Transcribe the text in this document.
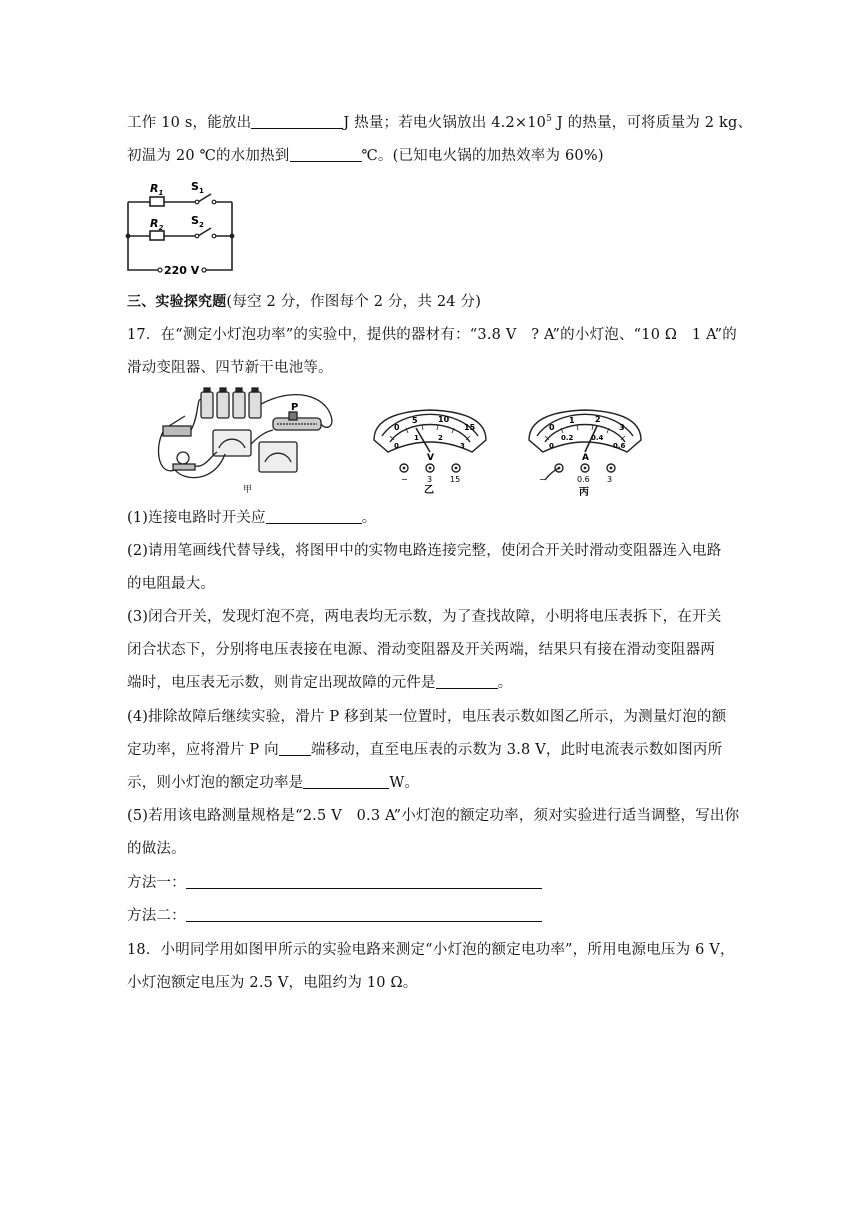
工作 10 s，能放出	J 热量；若电火锅放出 $4.2\times 10^5$ J 的热量，可将质量为 2 kg、
初温为 20 ℃的水加热到	℃。(已知电火锅的加热效率为 60%)
$R_1$	$S_1$
$R_2$
$S_2$
220 V
三、实验探究题(每空 2 分，作图每个 2 分，共 24 分)
17．在“测定小灯泡功率”的实验中，提供的器材有：“3.8 V　? A”的小灯泡、“10 Ω　1 A”的
滑动变阻器、四节新干电池等。
P
甲
0
5	10
15
0
1	2
3
V
− 3 15
乙
0
1	2
3
0
0.2	0.4
0.6
A
−	0.6 3
丙
(1)连接电路时开关应	。
(2)请用笔画线代替导线，将图甲中的实物电路连接完整，使闭合开关时滑动变阻器连入电路
的电阻最大。
(3)闭合开关，发现灯泡不亮，两电表均无示数，为了查找故障，小明将电压表拆下，在开关
闭合状态下，分别将电压表接在电源、滑动变阻器及开关两端，结果只有接在滑动变阻器两
端时，电压表无示数，则肯定出现故障的元件是	。
(4)排除故障后继续实验，滑片 P 移到某一位置时，电压表示数如图乙所示，为测量灯泡的额
定功率，应将滑片 P 向 端移动，直至电压表的示数为 3.8 V，此时电流表示数如图丙所
示，则小灯泡的额定功率是	W。
(5)若用该电路测量规格是“2.5 V　0.3 A”小灯泡的额定功率，须对实验进行适当调整，写出你
的做法。
方法一：
方法二：
18．小明同学用如图甲所示的实验电路来测定“小灯泡的额定电功率”，所用电源电压为 6 V，
小灯泡额定电压为 2.5 V，电阻约为 10 Ω。
